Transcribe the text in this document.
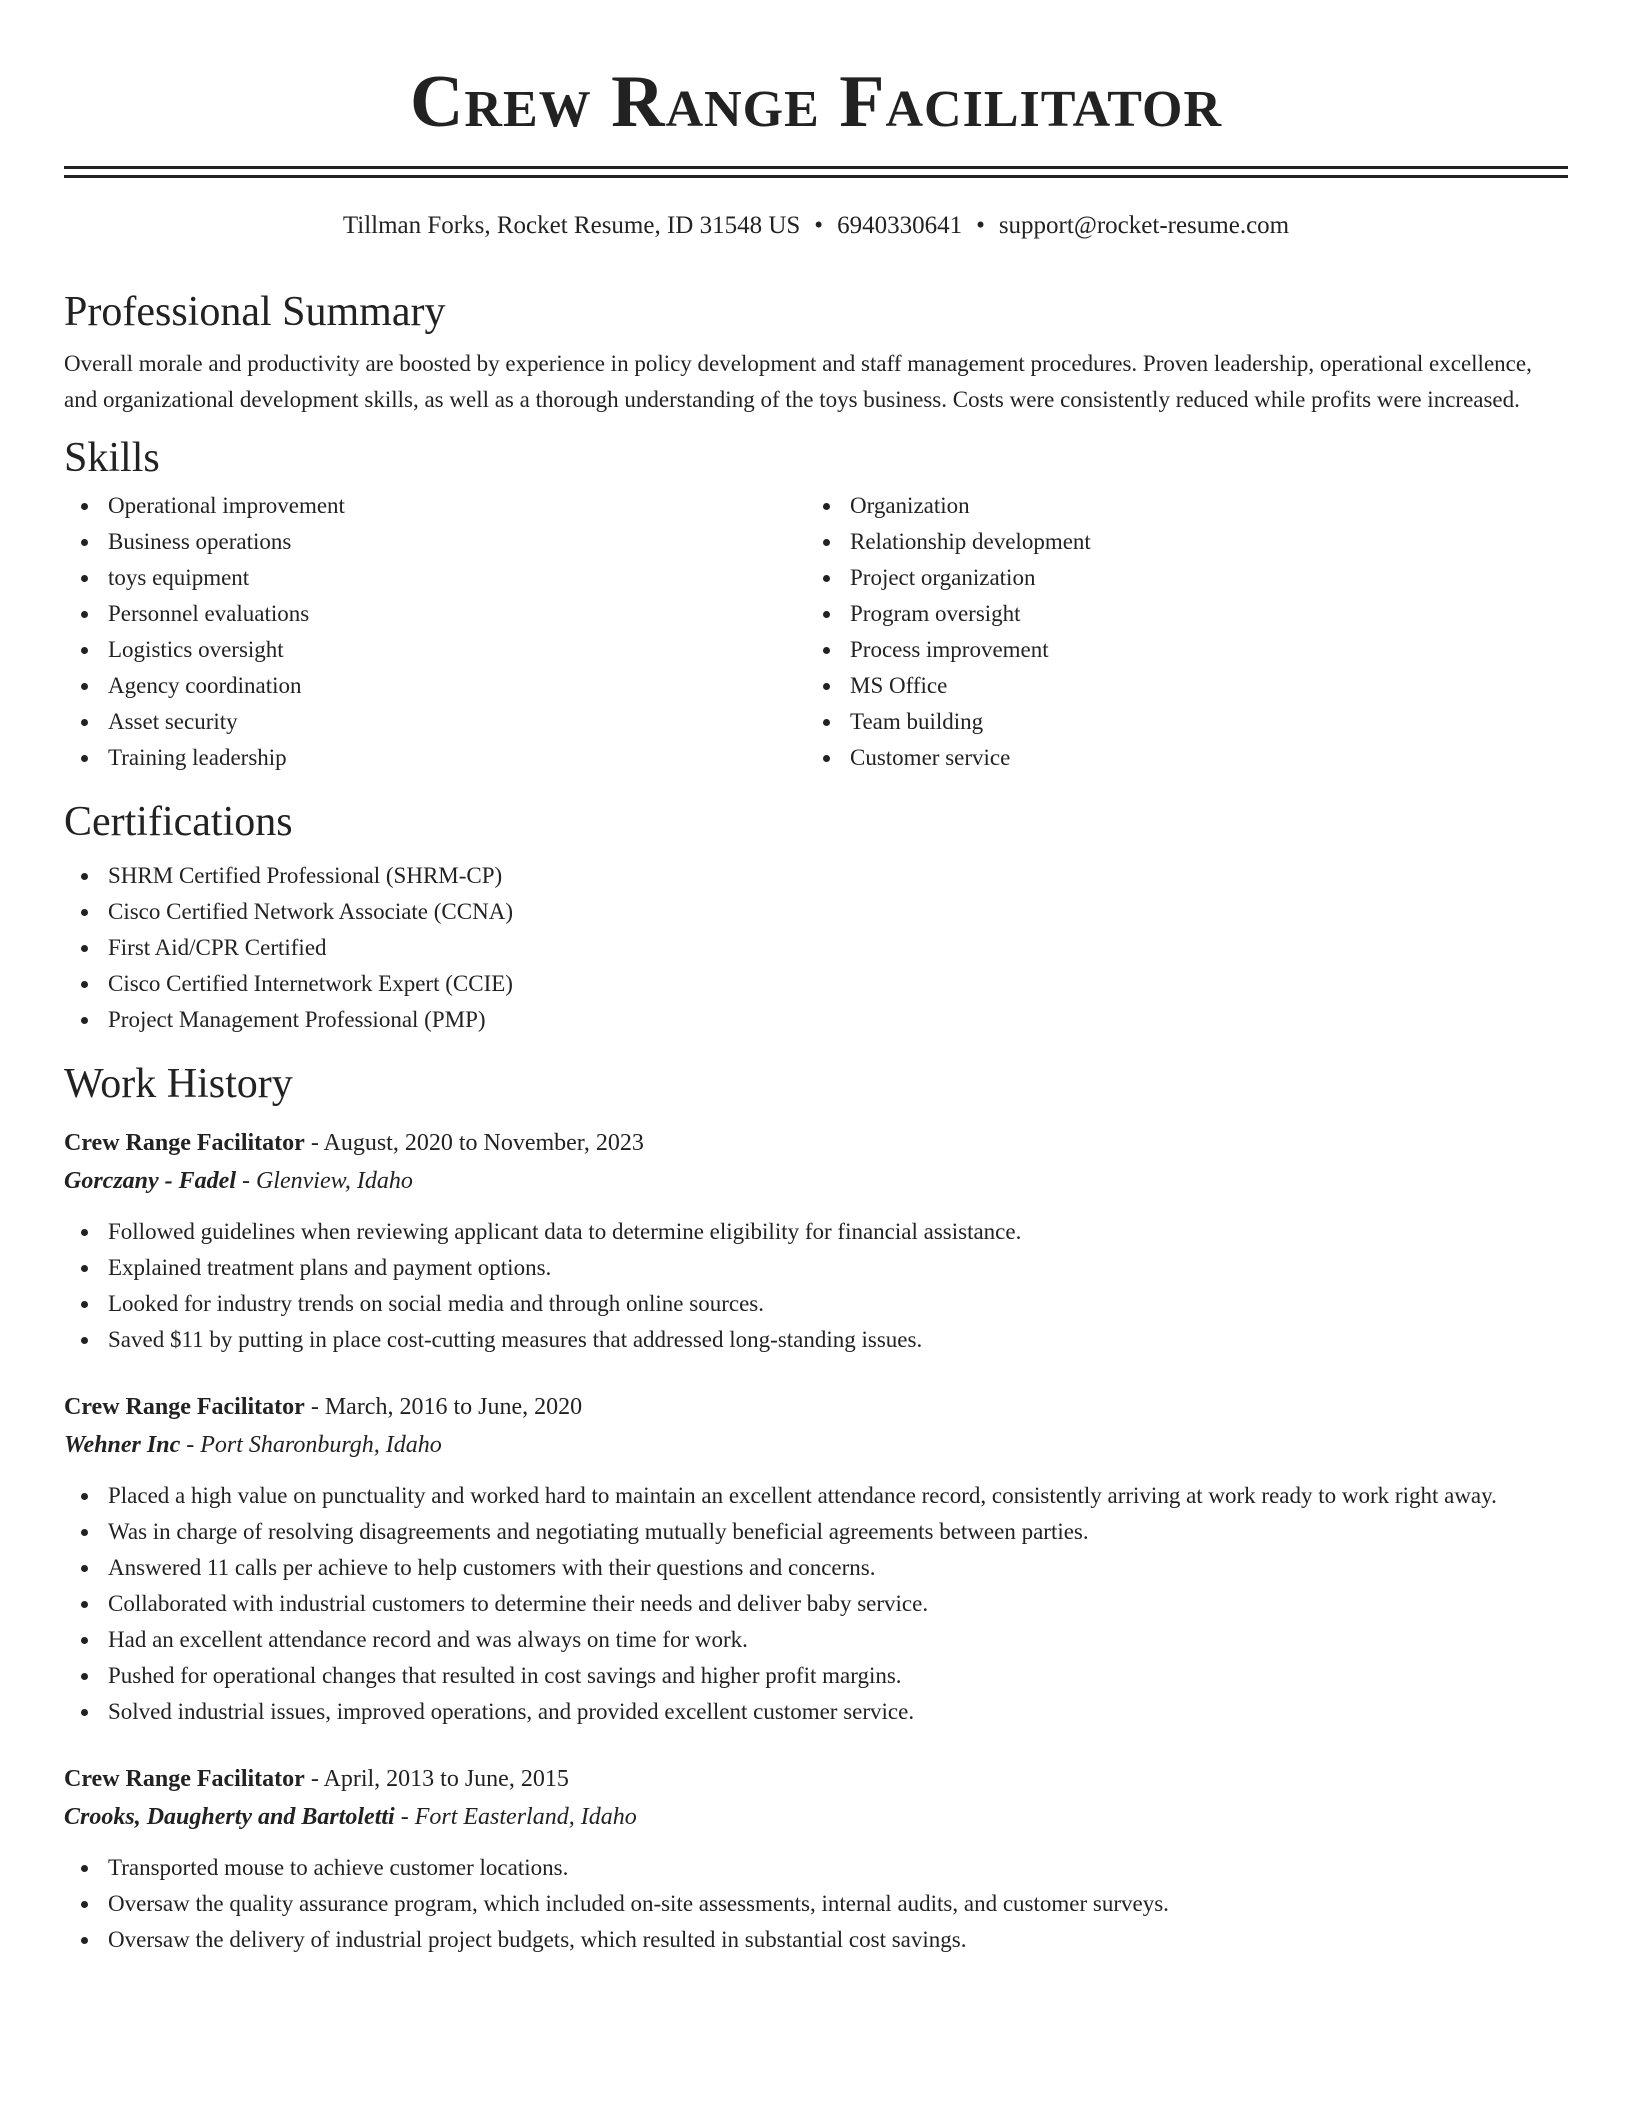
Crew Range Facilitator
Tillman Forks, Rocket Resume, ID 31548 US • 6940330641 • support@rocket-resume.com
Professional Summary

Overall morale and productivity are boosted by experience in policy development and staff management procedures. Proven leadership, operational excellence, and organizational development skills, as well as a thorough understanding of the toys business. Costs were consistently reduced while profits were increased.

Skills
Operational improvement
Business operations
toys equipment
Personnel evaluations
Logistics oversight
Agency coordination
Asset security
Training leadership
Organization
Relationship development
Project organization
Program oversight
Process improvement
MS Office
Team building
Customer service
Certifications
SHRM Certified Professional (SHRM-CP)
Cisco Certified Network Associate (CCNA)
First Aid/CPR Certified
Cisco Certified Internetwork Expert (CCIE)
Project Management Professional (PMP)
Work History
Crew Range Facilitator - August, 2020 to November, 2023
Gorczany - Fadel - Glenview, Idaho
Followed guidelines when reviewing applicant data to determine eligibility for financial assistance.
Explained treatment plans and payment options.
Looked for industry trends on social media and through online sources.
Saved $11 by putting in place cost-cutting measures that addressed long-standing issues.
Crew Range Facilitator - March, 2016 to June, 2020
Wehner Inc - Port Sharonburgh, Idaho
Placed a high value on punctuality and worked hard to maintain an excellent attendance record, consistently arriving at work ready to work right away.
Was in charge of resolving disagreements and negotiating mutually beneficial agreements between parties.
Answered 11 calls per achieve to help customers with their questions and concerns.
Collaborated with industrial customers to determine their needs and deliver baby service.
Had an excellent attendance record and was always on time for work.
Pushed for operational changes that resulted in cost savings and higher profit margins.
Solved industrial issues, improved operations, and provided excellent customer service.
Crew Range Facilitator - April, 2013 to June, 2015
Crooks, Daugherty and Bartoletti - Fort Easterland, Idaho
Transported mouse to achieve customer locations.
Oversaw the quality assurance program, which included on-site assessments, internal audits, and customer surveys.
Oversaw the delivery of industrial project budgets, which resulted in substantial cost savings.
